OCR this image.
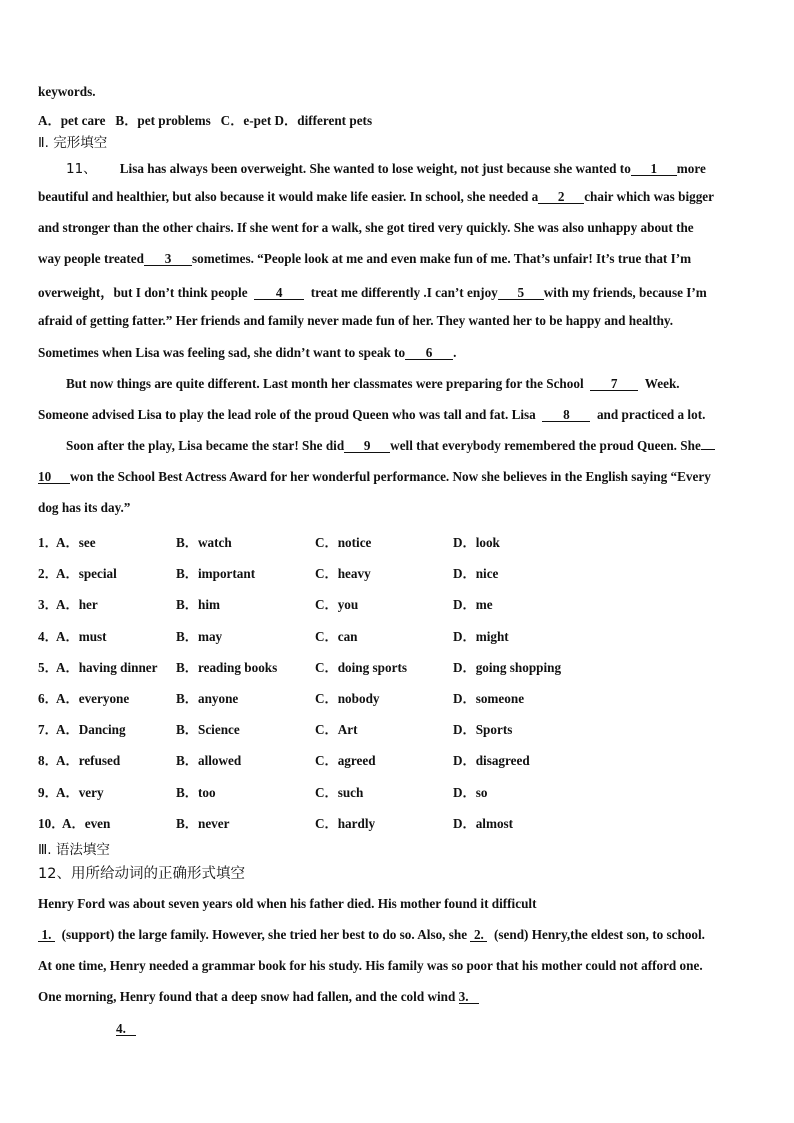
keywords.
A．pet care B．pet problems C．e-pet D．different pets
Ⅱ. 完形填空
11、 Lisa has always been overweight. She wanted to lose weight, not just because she wanted to 1 more
beautiful and healthier, but also because it would make life easier. In school, she needed a 2 chair which was bigger
and stronger than the other chairs. If she went for a walk, she got tired very quickly. She was also unhappy about the
way people treated 3 sometimes. “People look at me and even make fun of me. That’s unfair! It’s true that I’m
overweight，but I don’t think people 4 treat me differently .I can’t enjoy 5 with my friends, because I’m
afraid of getting fatter.” Her friends and family never made fun of her. They wanted her to be happy and healthy.
Sometimes when Lisa was feeling sad, she didn’t want to speak to 6 .
But now things are quite different. Last month her classmates were preparing for the School 7 Week.
Someone advised Lisa to play the lead role of the proud Queen who was tall and fat. Lisa 8 and practiced a lot.
Soon after the play, Lisa became the star! She did 9 well that everybody remembered the proud Queen. She
10 won the School Best Actress Award for her wonderful performance. Now she believes in the English saying “Every
dog has its day.”
1．
A．see	B．watch	C．notice	D．look
2．
A．special	B．important	C．heavy	D．nice
3．
A．her	B．him	C．you	D．me
4．
A．must	B．may	C．can	D．might
5．
A．having dinner B．reading books	C．doing sports	D．going shopping
6．
A．everyone	B．anyone	C．nobody	D．someone
7．
A．Dancing	B．Science	C．Art	D．Sports
8．
A．refused	B．allowed	C．agreed	D．disagreed
9．
A．very	B．too	C．such	D．so
10．
A．even	B．never	C．hardly	D．almost
Ⅲ. 语法填空
12、用所给动词的正确形式填空
Henry Ford was about seven years old when his father died. His mother found it difficult
1. (support) the large family. However, she tried her best to do so. Also, she 2. (send) Henry,the eldest son, to school.
At one time, Henry needed a grammar book for his study. His family was so poor that his mother could not afford one.
One morning, Henry found that a deep snow had fallen, and the cold wind 3.
4.
